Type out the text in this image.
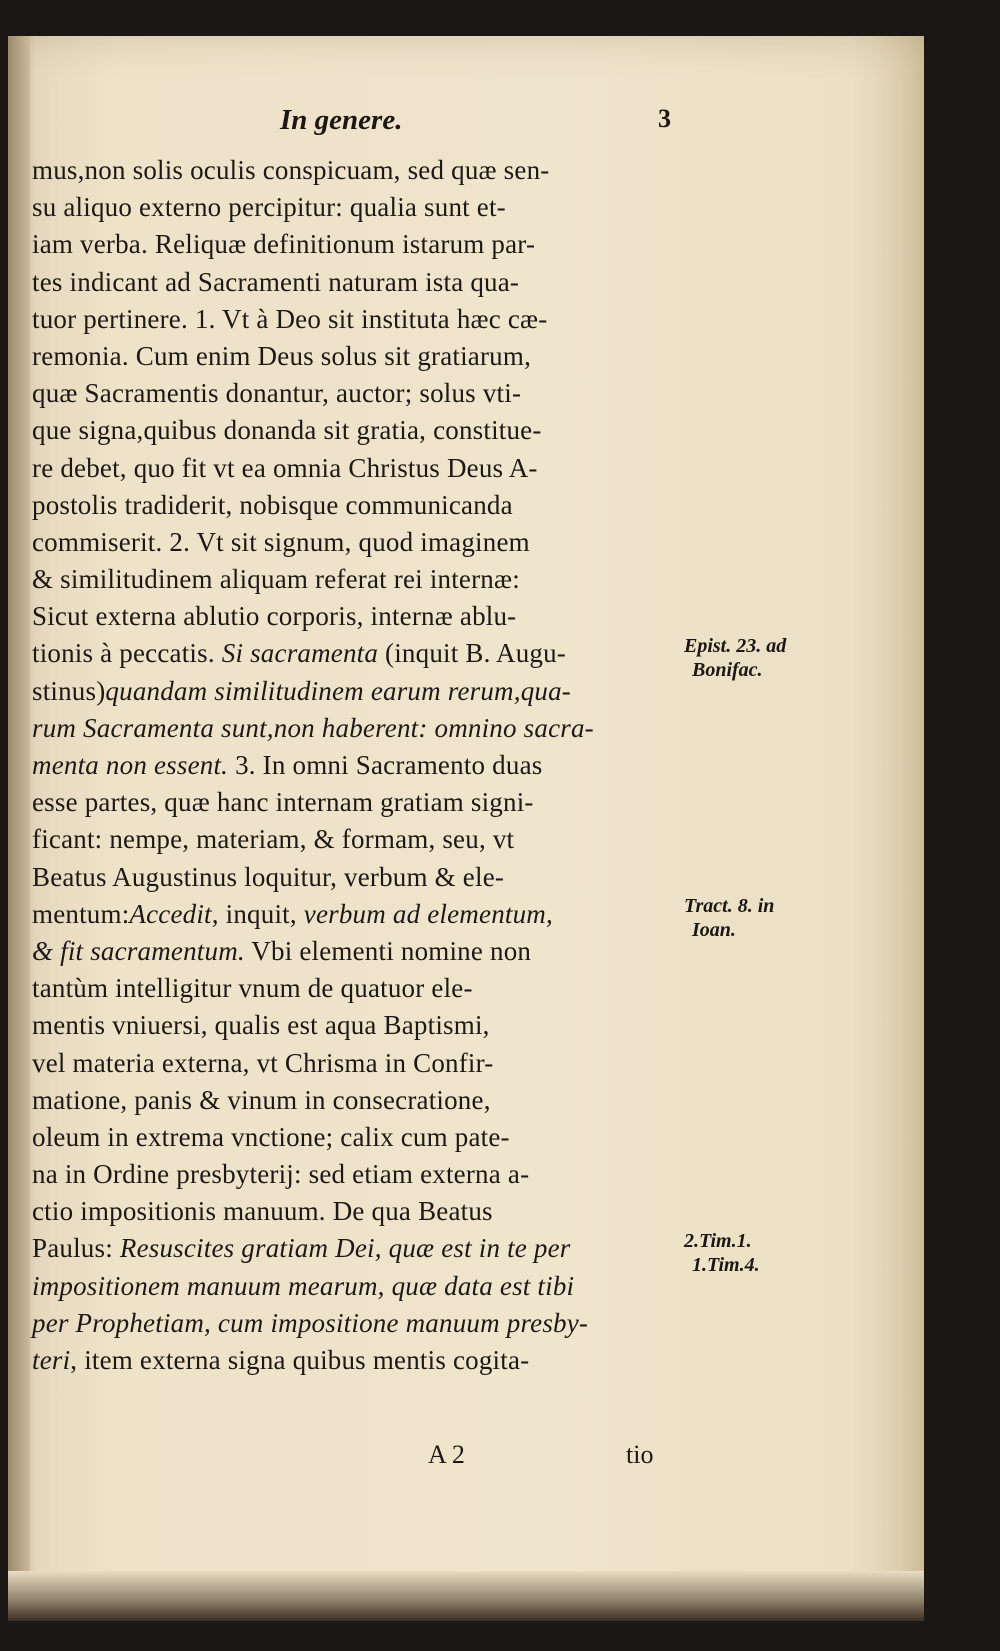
In genere.	3
mus,non solis oculis conspicuam, sed quæ sen-
su aliquo externo percipitur: qualia sunt et-
iam verba. Reliquæ definitionum istarum par-
tes indicant ad Sacramenti naturam ista qua-
tuor pertinere. 1. Vt à Deo sit instituta hæc cæ-
remonia. Cum enim Deus solus sit gratiarum,
quæ Sacramentis donantur, auctor; solus vti-
que signa,quibus donanda sit gratia, constitue-
re debet, quo fit vt ea omnia Christus Deus A-
postolis tradiderit, nobisque communicanda
commiserit. 2. Vt sit signum, quod imaginem
& similitudinem aliquam referat rei internæ:
Sicut externa ablutio corporis, internæ ablu-
tionis à peccatis. Si sacramenta (inquit B. Augu-
stinus)quandam similitudinem earum rerum,qua-
rum Sacramenta sunt,non haberent: omnino sacra-
menta non essent. 3. In omni Sacramento duas
esse partes, quæ hanc internam gratiam signi-
ficant: nempe, materiam, & formam, seu, vt
Beatus Augustinus loquitur, verbum & ele-
mentum:Accedit, inquit, verbum ad elementum,
& fit sacramentum. Vbi elementi nomine non
tantùm intelligitur vnum de quatuor ele-
mentis vniuersi, qualis est aqua Baptismi,
vel materia externa, vt Chrisma in Confir-
matione, panis & vinum in consecratione,
oleum in extrema vnctione; calix cum pate-
na in Ordine presbyterij: sed etiam externa a-
ctio impositionis manuum. De qua Beatus
Paulus: Resuscites gratiam Dei, quæ est in te per
impositionem manuum mearum, quæ data est tibi
per Prophetiam, cum impositione manuum presby-
teri, item externa signa quibus mentis cogita-
Epist. 23. ad
Bonifac.
Tract. 8. in
Ioan.
2.Tim.1.
1.Tim.4.
A 2	tio
